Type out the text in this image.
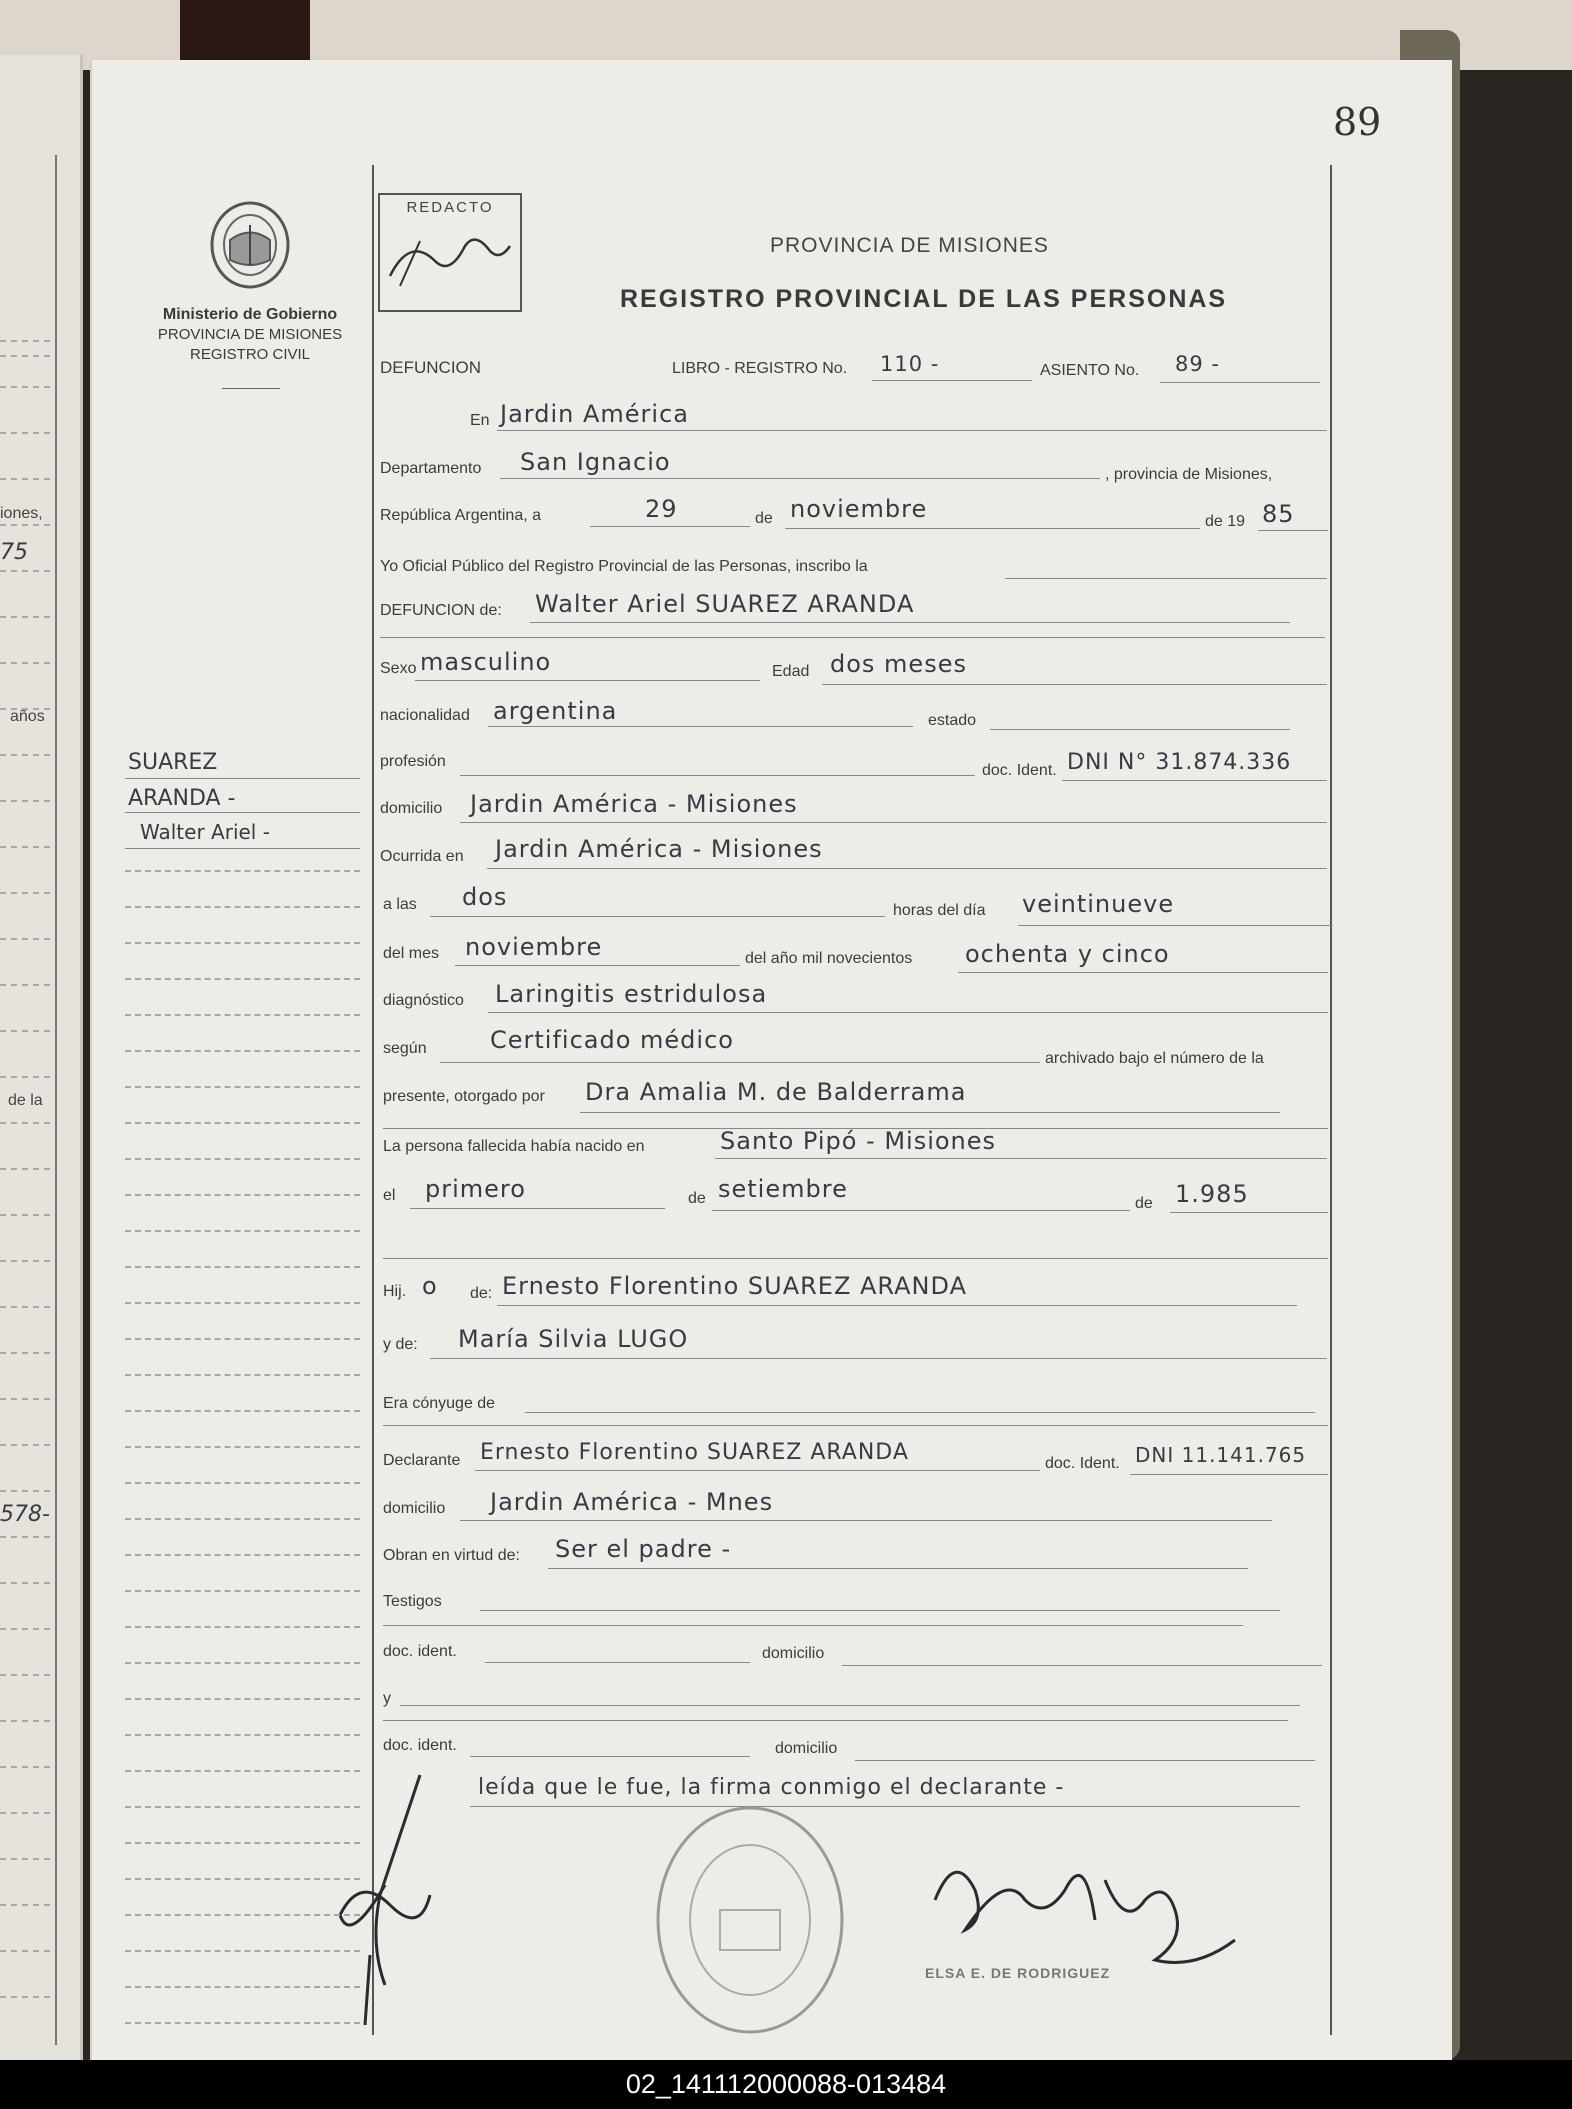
iones,
75
años
de la
578-
89
Ministerio de Gobierno
PROVINCIA DE MISIONES
REGISTRO CIVIL
REDACTO
PROVINCIA DE MISIONES
REGISTRO PROVINCIAL DE LAS PERSONAS
DEFUNCION	LIBRO - REGISTRO No. 110 -	ASIENTO No. 89 -
En Jardin América
Departamento San Ignacio	, provincia de Misiones,
República Argentina, a	29	de noviembre	de 19 85
Yo Oficial Público del Registro Provincial de las Personas, inscribo la
DEFUNCION de: Walter Ariel SUAREZ ARANDA
Sexo masculino	Edad dos meses
nacionalidad argentina	estado
profesión
doc. Ident. DNI N° 31.874.336
domicilio Jardin América - Misiones
Ocurrida en Jardin América - Misiones
a las dos	horas del día veintinueve
del mes noviembre	del año mil novecientos ochenta y cinco
diagnóstico Laringitis estridulosa
según	Certificado médico
archivado bajo el número de la
presente, otorgado por Dra Amalia M. de Balderrama
La persona fallecida había nacido en	Santo Pipó - Misiones
el primero	de setiembre
de 1.985
Hij. o de: Ernesto Florentino SUAREZ ARANDA
y de: María Silvia LUGO
Era cónyuge de
Declarante Ernesto Florentino SUAREZ ARANDA	doc. Ident. DNI 11.141.765
domicilio Jardin América - Mnes
Obran en virtud de: Ser el padre -
Testigos
doc. ident.	domicilio
y
doc. ident.	domicilio
leída que le fue, la firma conmigo el declarante -
SUAREZ
ARANDA -
Walter Ariel -
ELSA E. DE RODRIGUEZ
02_141112000088-013484
